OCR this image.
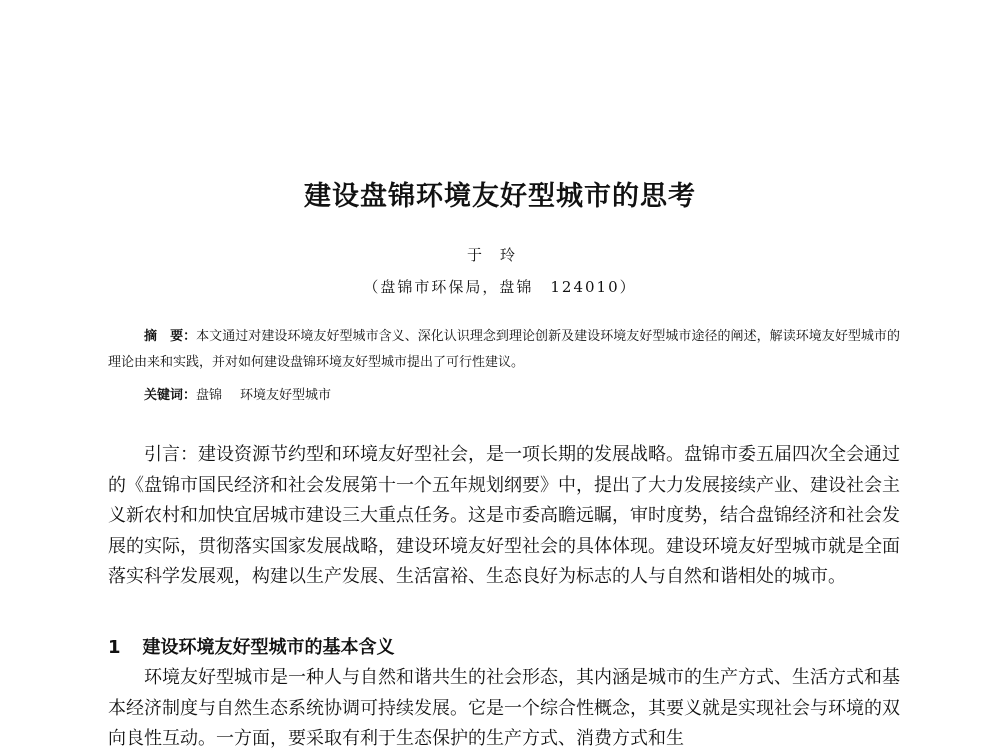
建设盘锦环境友好型城市的思考
于玲
（盘锦市环保局，盘锦　124010）
摘　要：本文通过对建设环境友好型城市含义、深化认识理念到理论创新及建设环境友好型城市途径的阐述，解读环境友好型城市的理论由来和实践，并对如何建设盘锦环境友好型城市提出了可行性建议。
关键词：盘锦 环境友好型城市
引言：建设资源节约型和环境友好型社会，是一项长期的发展战略。盘锦市委五届四次全会通过的《盘锦市国民经济和社会发展第十一个五年规划纲要》中，提出了大力发展接续产业、建设社会主义新农村和加快宜居城市建设三大重点任务。这是市委高瞻远瞩，审时度势，结合盘锦经济和社会发展的实际，贯彻落实国家发展战略，建设环境友好型社会的具体体现。建设环境友好型城市就是全面落实科学发展观，构建以生产发展、生活富裕、生态良好为标志的人与自然和谐相处的城市。
1 建设环境友好型城市的基本含义
环境友好型城市是一种人与自然和谐共生的社会形态，其内涵是城市的生产方式、生活方式和基本经济制度与自然生态系统协调可持续发展。它是一个综合性概念，其要义就是实现社会与环境的双向良性互动。一方面，要采取有利于生态保护的生产方式、消费方式和生
